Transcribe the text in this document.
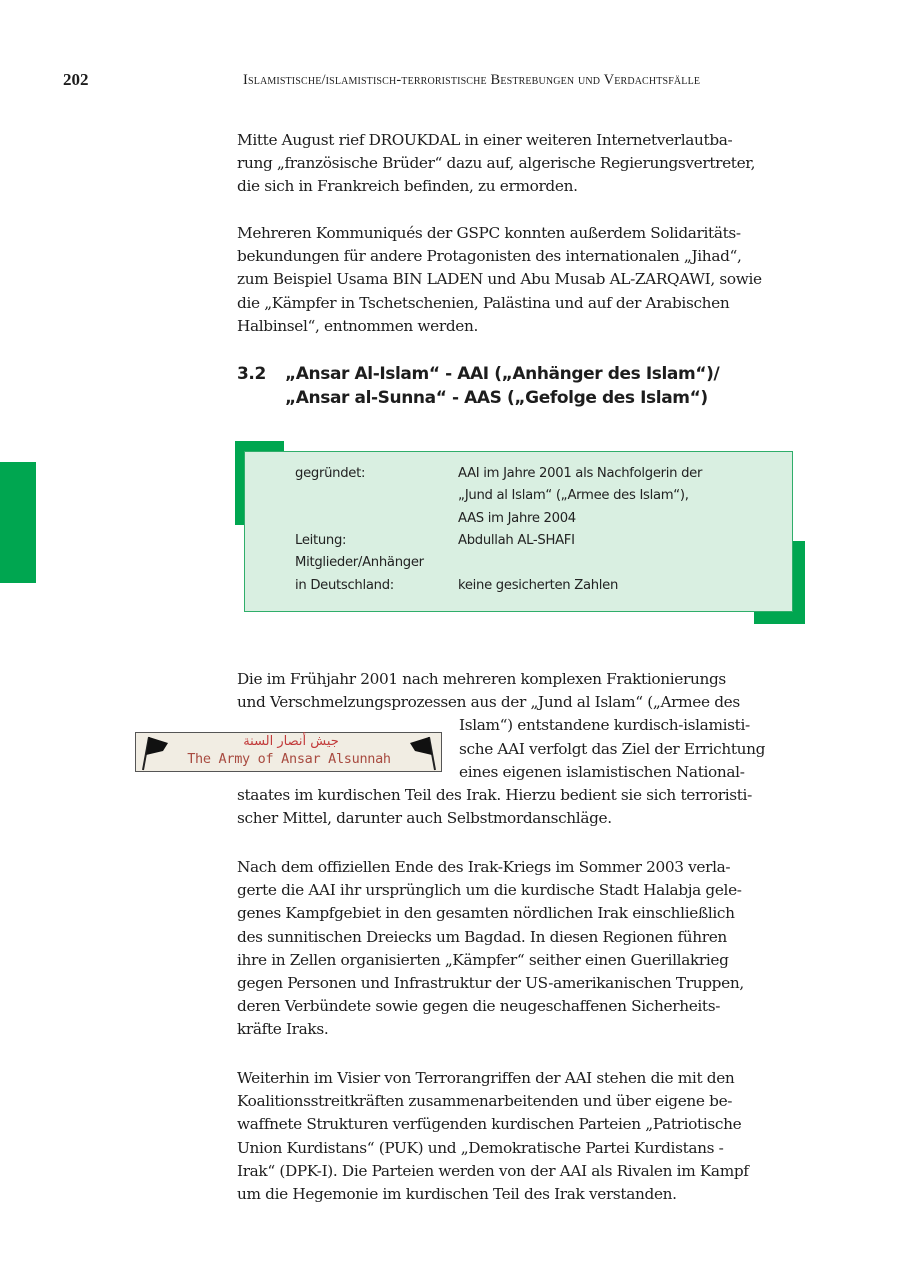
202	Islamistische/islamistisch-terroristische Bestrebungen und Verdachtsfälle
Mitte August rief DROUKDAL in einer weiteren Internetverlautba-
rung „französische Brüder“ dazu auf, algerische Regierungsvertreter,
die sich in Frankreich befinden, zu ermorden.
Mehreren Kommuniqués der GSPC konnten außerdem Solidaritäts-
bekundungen für andere Protagonisten des internationalen „Jihad“,
zum Beispiel Usama BIN LADEN und Abu Musab AL-ZARQAWI, sowie
die „Kämpfer in Tschetschenien, Palästina und auf der Arabischen
Halbinsel“, entnommen werden.
3.2 „Ansar Al-Islam“ - AAI („Anhänger des Islam“)/
„Ansar al-Sunna“ - AAS („Gefolge des Islam“)
gegründet:	AAI im Jahre 2001 als Nachfolgerin der
„Jund al Islam“ („Armee des Islam“),
AAS im Jahre 2004
Leitung:	Abdullah AL-SHAFI
Mitglieder/Anhänger
in Deutschland:	keine gesicherten Zahlen
جيش أنصار السنة
The Army of Ansar Alsunnah
Die im Frühjahr 2001 nach mehreren komplexen Fraktionierungs
und Verschmelzungsprozessen aus der „Jund al Islam“ („Armee des
Islam“) entstandene kurdisch-islamisti-
sche AAI verfolgt das Ziel der Errichtung
eines eigenen islamistischen National-
staates im kurdischen Teil des Irak. Hierzu bedient sie sich terroristi-
scher Mittel, darunter auch Selbstmordanschläge.
Nach dem offiziellen Ende des Irak-Kriegs im Sommer 2003 verla-
gerte die AAI ihr ursprünglich um die kurdische Stadt Halabja gele-
genes Kampfgebiet in den gesamten nördlichen Irak einschließlich
des sunnitischen Dreiecks um Bagdad. In diesen Regionen führen
ihre in Zellen organisierten „Kämpfer“ seither einen Guerillakrieg
gegen Personen und Infrastruktur der US-amerikanischen Truppen,
deren Verbündete sowie gegen die neugeschaffenen Sicherheits-
kräfte Iraks.
Weiterhin im Visier von Terrorangriffen der AAI stehen die mit den
Koalitionsstreitkräften zusammenarbeitenden und über eigene be-
waffnete Strukturen verfügenden kurdischen Parteien „Patriotische
Union Kurdistans“ (PUK) und „Demokratische Partei Kurdistans -
Irak“ (DPK-I). Die Parteien werden von der AAI als Rivalen im Kampf
um die Hegemonie im kurdischen Teil des Irak verstanden.
